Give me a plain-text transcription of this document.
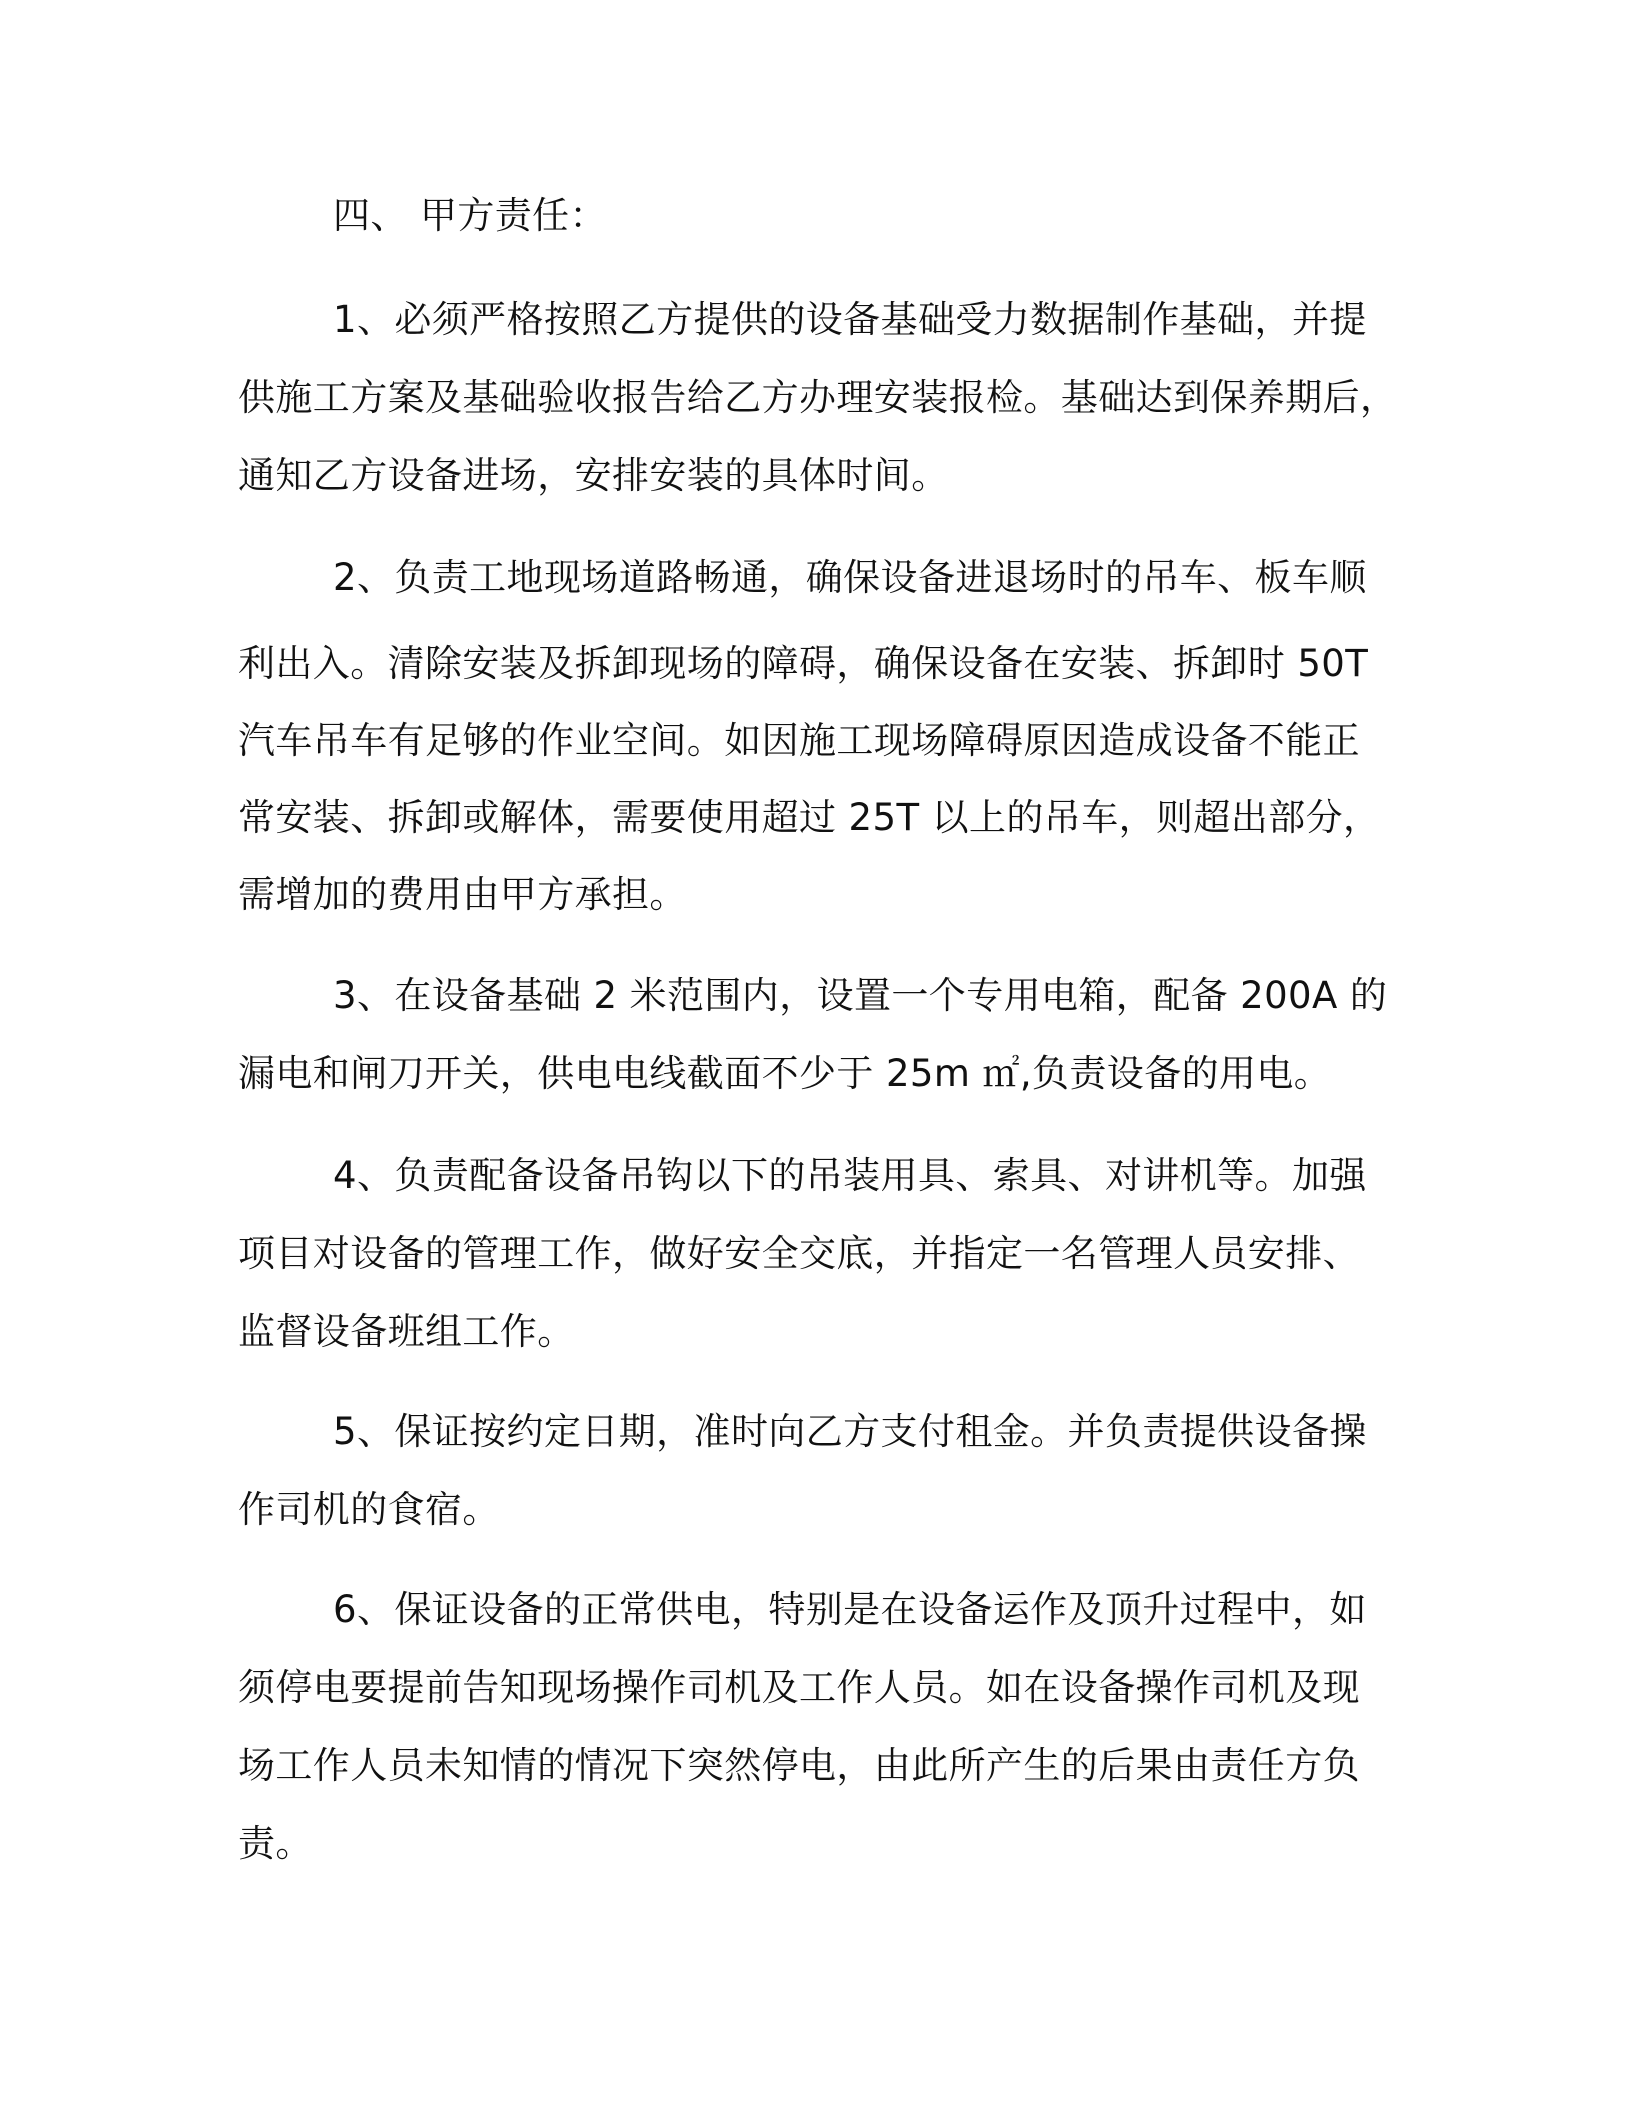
四、 甲方责任：

1、必须严格按照乙方提供的设备基础受力数据制作基础，并提

供施工方案及基础验收报告给乙方办理安装报检。基础达到保养期后，

通知乙方设备进场，安排安装的具体时间。

2、负责工地现场道路畅通，确保设备进退场时的吊车、板车顺

利出入。清除安装及拆卸现场的障碍，确保设备在安装、拆卸时 50T

汽车吊车有足够的作业空间。如因施工现场障碍原因造成设备不能正

常安装、拆卸或解体，需要使用超过 25T 以上的吊车，则超出部分，

需增加的费用由甲方承担。

3、在设备基础 2 米范围内，设置一个专用电箱，配备 200A 的

漏电和闸刀开关，供电电线截面不少于 25m ㎡,负责设备的用电。

4、负责配备设备吊钩以下的吊装用具、索具、对讲机等。加强

项目对设备的管理工作，做好安全交底，并指定一名管理人员安排、

监督设备班组工作。

5、保证按约定日期，准时向乙方支付租金。并负责提供设备操

作司机的食宿。

6、保证设备的正常供电，特别是在设备运作及顶升过程中，如

须停电要提前告知现场操作司机及工作人员。如在设备操作司机及现

场工作人员未知情的情况下突然停电，由此所产生的后果由责任方负

责。
